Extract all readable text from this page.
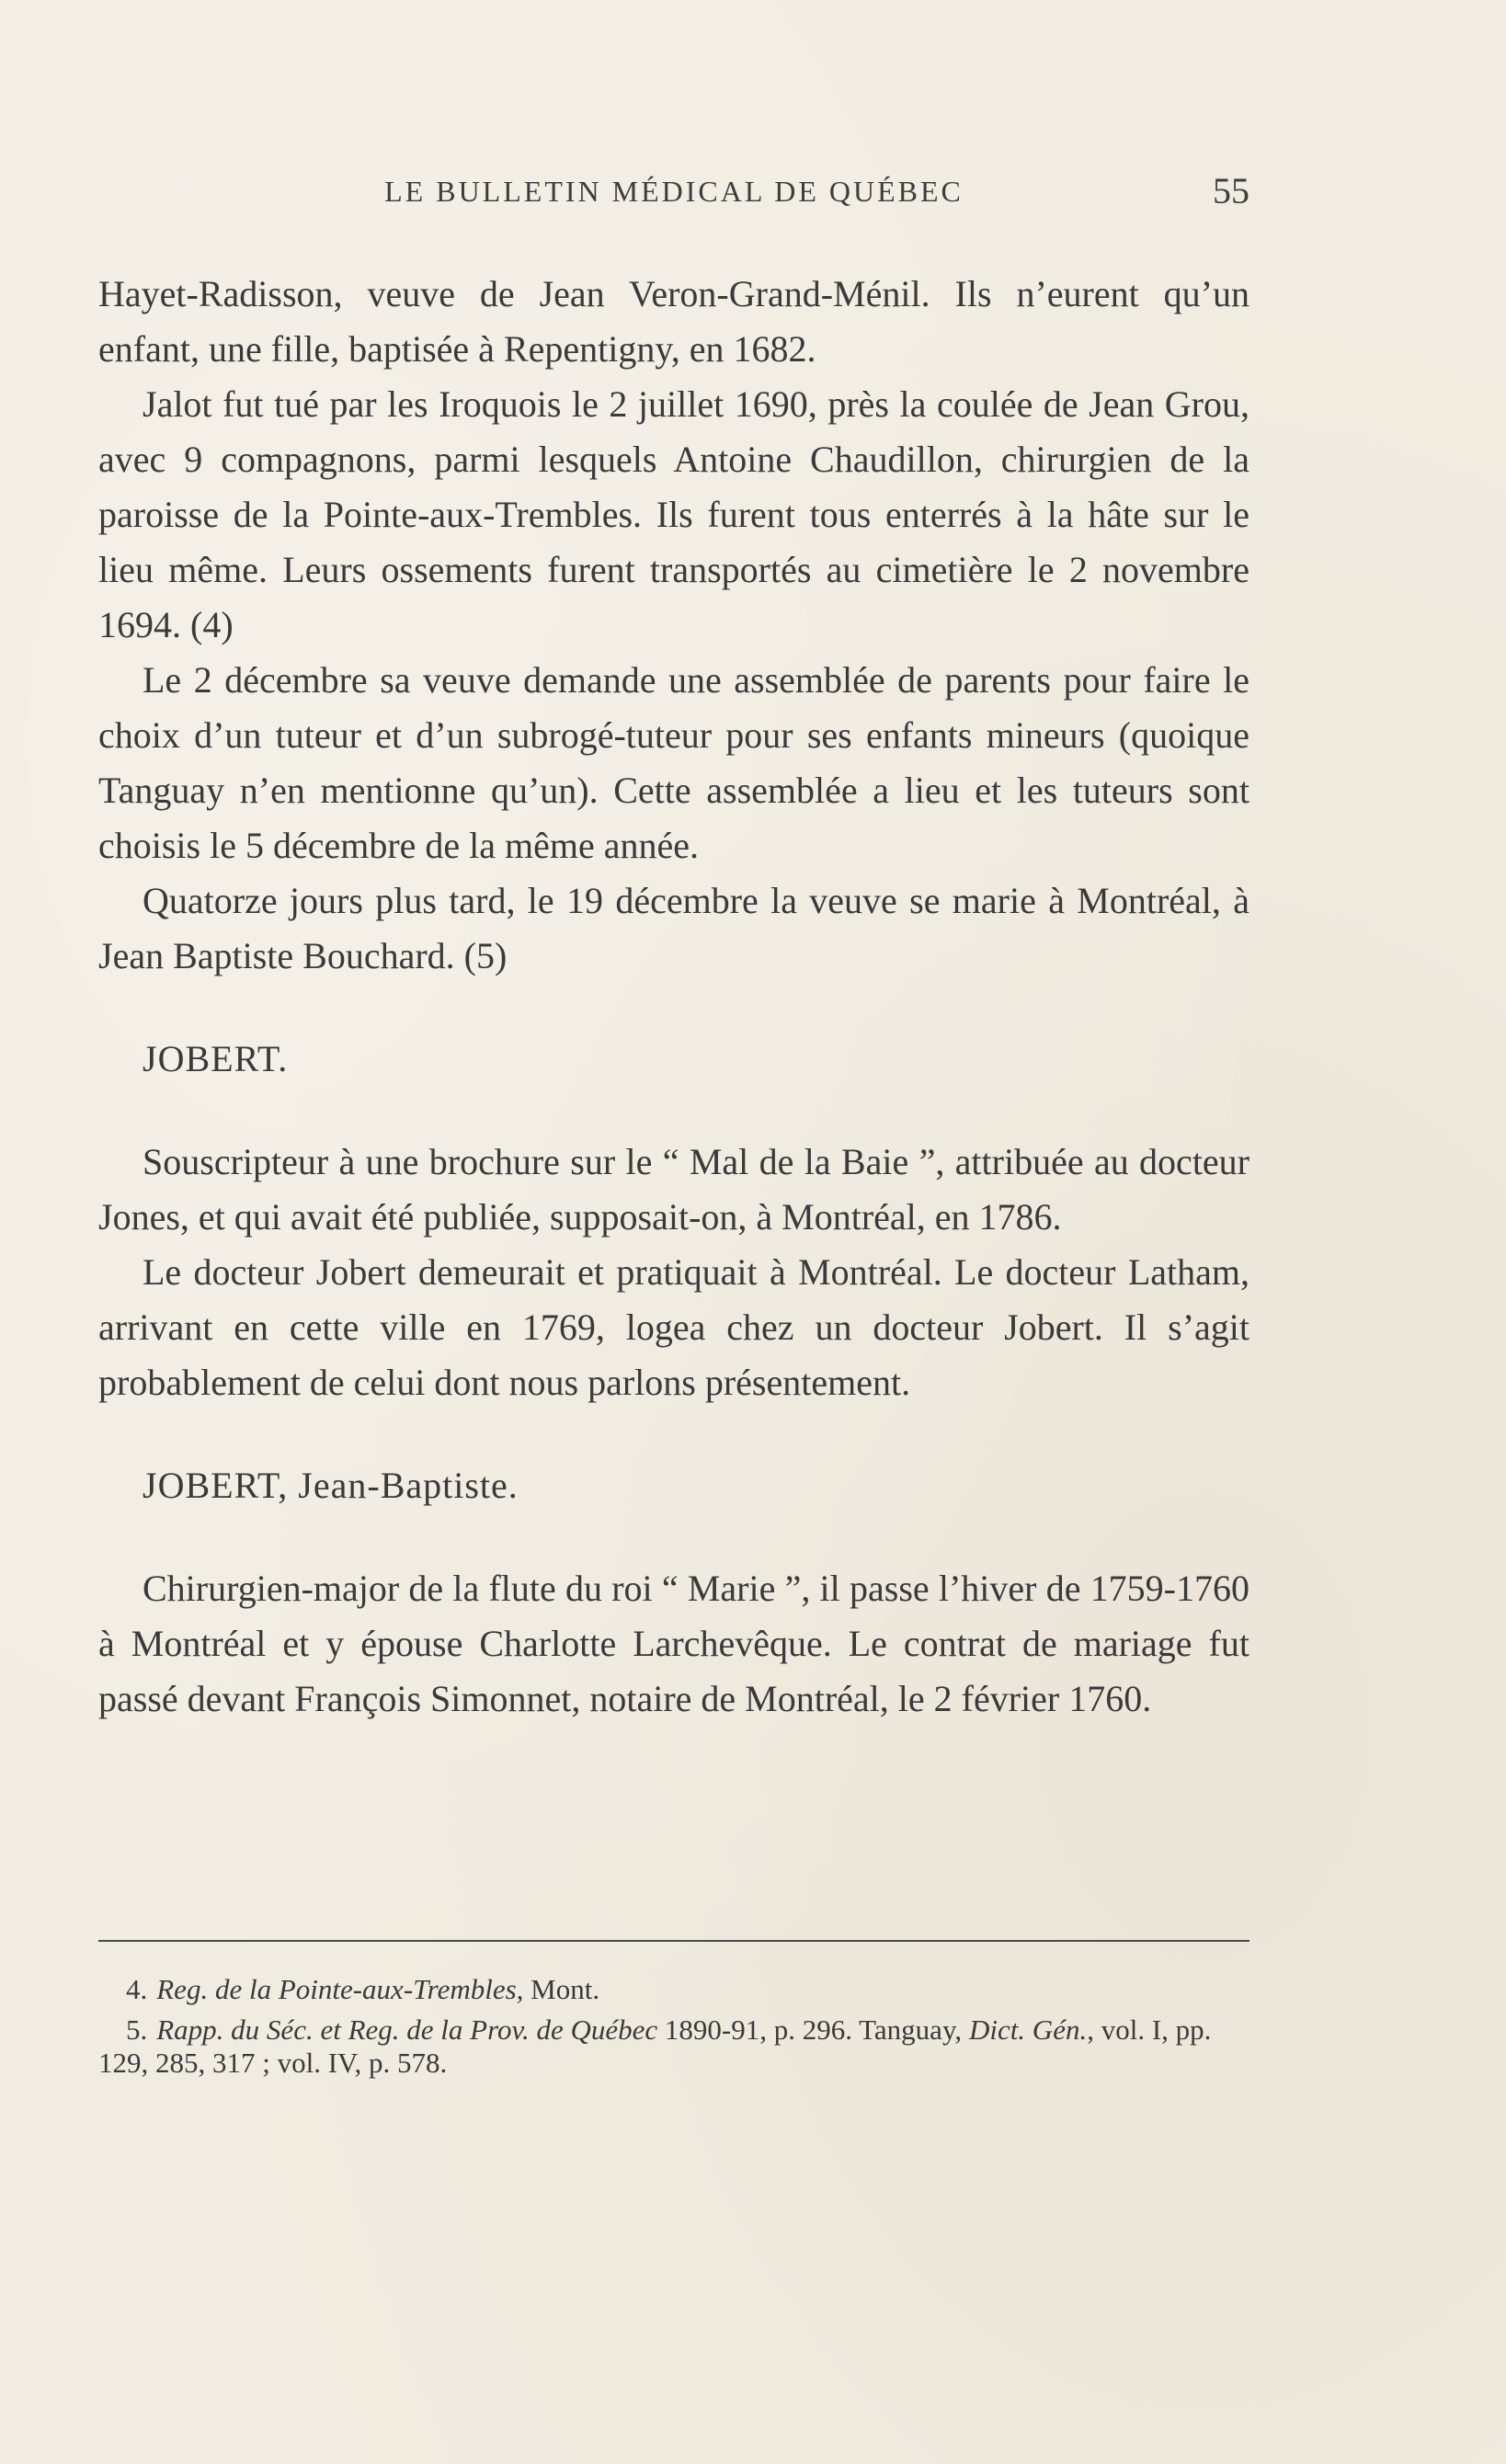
LE BULLETIN MÉDICAL DE QUÉBEC	55

Hayet-Radisson, veuve de Jean Veron-Grand-Ménil. Ils n’eurent qu’un enfant, une fille, baptisée à Repentigny, en 1682.

Jalot fut tué par les Iroquois le 2 juillet 1690, près la coulée de Jean Grou, avec 9 compagnons, parmi lesquels Antoine Chaudillon, chirurgien de la paroisse de la Pointe-aux-Trembles. Ils furent tous enterrés à la hâte sur le lieu même. Leurs ossements furent transportés au cimetière le 2 novembre 1694. (4)

Le 2 décembre sa veuve demande une assemblée de parents pour faire le choix d’un tuteur et d’un subrogé-tuteur pour ses enfants mineurs (quoique Tanguay n’en mentionne qu’un). Cette assemblée a lieu et les tuteurs sont choisis le 5 décembre de la même année.

Quatorze jours plus tard, le 19 décembre la veuve se marie à Montréal, à Jean Baptiste Bouchard. (5)

JOBERT.

Souscripteur à une brochure sur le “ Mal de la Baie ”, attribuée au docteur Jones, et qui avait été publiée, supposait-on, à Montréal, en 1786.

Le docteur Jobert demeurait et pratiquait à Montréal. Le docteur Latham, arrivant en cette ville en 1769, logea chez un docteur Jobert. Il s’agit probablement de celui dont nous parlons présentement.

JOBERT, Jean-Baptiste.

Chirurgien-major de la flute du roi “ Marie ”, il passe l’hiver de 1759-1760 à Montréal et y épouse Charlotte Larchevêque. Le contrat de mariage fut passé devant François Simonnet, notaire de Montréal, le 2 février 1760.

4. Reg. de la Pointe-aux-Trembles, Mont.

5. Rapp. du Séc. et Reg. de la Prov. de Québec 1890-91, p. 296. Tanguay, Dict. Gén., vol. I, pp. 129, 285, 317 ; vol. IV, p. 578.
